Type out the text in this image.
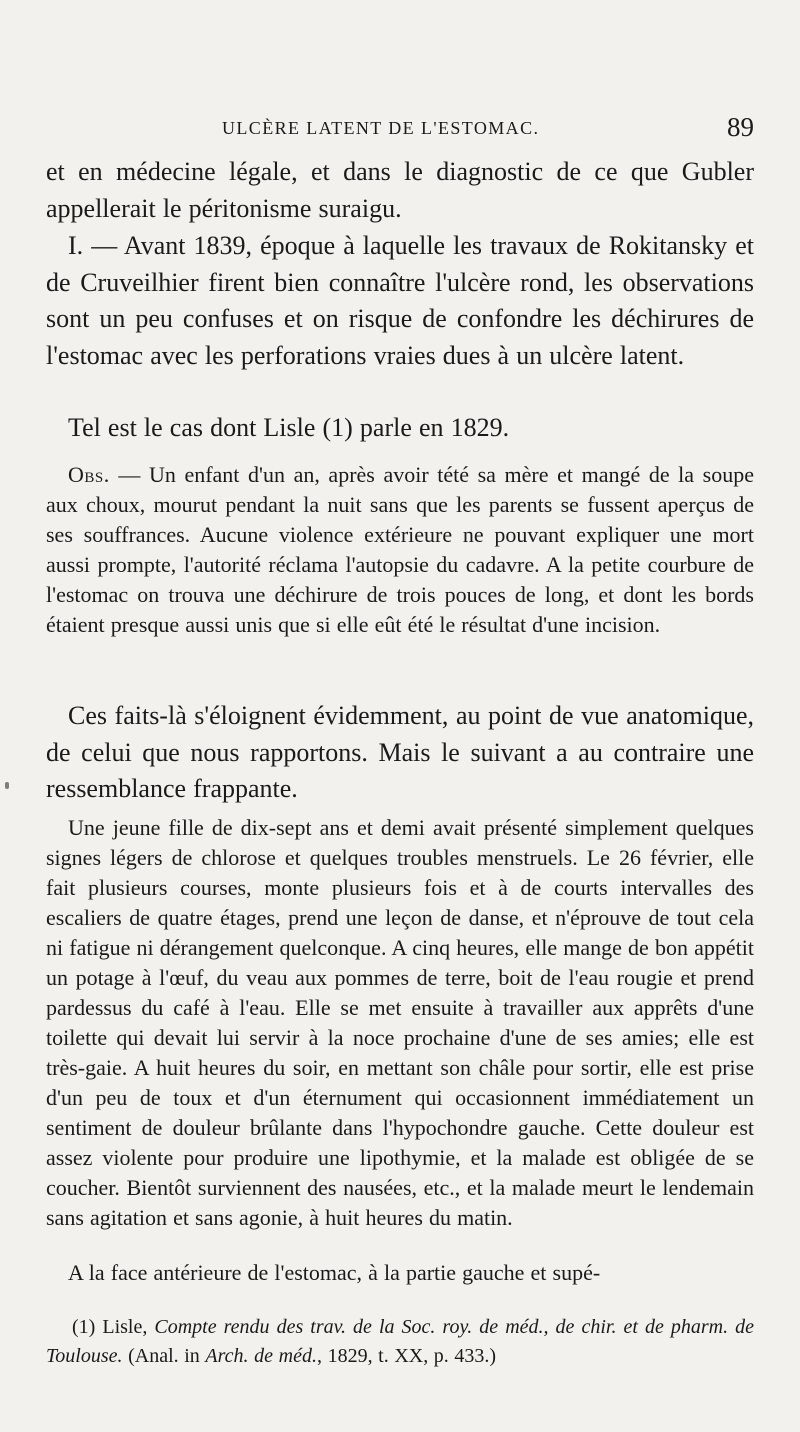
ULCÈRE LATENT DE L'ESTOMAC.	89

et en médecine légale, et dans le diagnostic de ce que Gubler appellerait le péritonisme suraigu.

I. — Avant 1839, époque à laquelle les travaux de Rokitansky et de Cruveilhier firent bien connaître l'ulcère rond, les observations sont un peu confuses et on risque de confondre les déchirures de l'estomac avec les perforations vraies dues à un ulcère latent.

Tel est le cas dont Lisle (1) parle en 1829.

Obs. — Un enfant d'un an, après avoir tété sa mère et mangé de la soupe aux choux, mourut pendant la nuit sans que les parents se fussent aperçus de ses souffrances. Aucune violence extérieure ne pouvant expliquer une mort aussi prompte, l'autorité réclama l'autopsie du cadavre. A la petite courbure de l'estomac on trouva une déchirure de trois pouces de long, et dont les bords étaient presque aussi unis que si elle eût été le résultat d'une incision.

Ces faits-là s'éloignent évidemment, au point de vue anatomique, de celui que nous rapportons. Mais le suivant a au contraire une ressemblance frappante.

Une jeune fille de dix-sept ans et demi avait présenté simplement quelques signes légers de chlorose et quelques troubles menstruels. Le 26 février, elle fait plusieurs courses, monte plusieurs fois et à de courts intervalles des escaliers de quatre étages, prend une leçon de danse, et n'éprouve de tout cela ni fatigue ni dérangement quelconque. A cinq heures, elle mange de bon appétit un potage à l'œuf, du veau aux pommes de terre, boit de l'eau rougie et prend pardessus du café à l'eau. Elle se met ensuite à travailler aux apprêts d'une toilette qui devait lui servir à la noce prochaine d'une de ses amies; elle est très-gaie. A huit heures du soir, en mettant son châle pour sortir, elle est prise d'un peu de toux et d'un éternument qui occasionnent immédiatement un sentiment de douleur brûlante dans l'hypochondre gauche. Cette douleur est assez violente pour produire une lipothymie, et la malade est obligée de se coucher. Bientôt surviennent des nausées, etc., et la malade meurt le lendemain sans agitation et sans agonie, à huit heures du matin.

A la face antérieure de l'estomac, à la partie gauche et supé-

(1) Lisle, Compte rendu des trav. de la Soc. roy. de méd., de chir. et de pharm. de Toulouse. (Anal. in Arch. de méd., 1829, t. XX, p. 433.)
